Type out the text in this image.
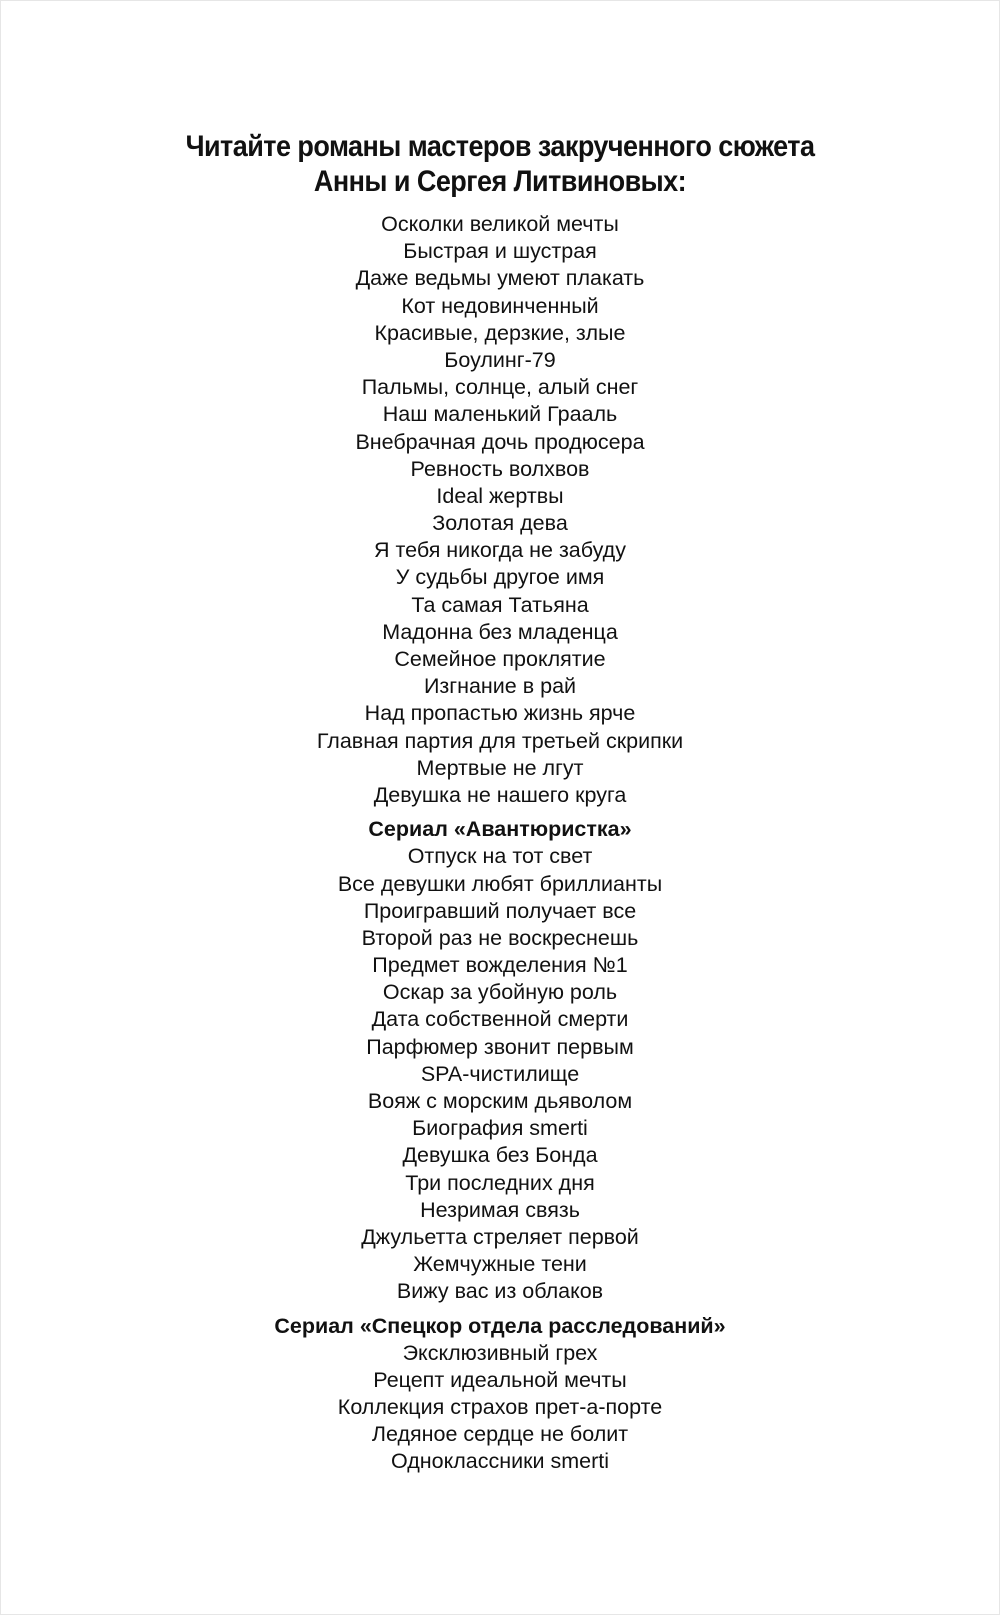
Читайте романы мастеров закрученного сюжета
Анны и Сергея Литвиновых:
Осколки великой мечты
Быстрая и шустрая
Даже ведьмы умеют плакать
Кот недовинченный
Красивые, дерзкие, злые
Боулинг-79
Пальмы, солнце, алый снег
Наш маленький Грааль
Внебрачная дочь продюсера
Ревность волхвов
Ideal жертвы
Золотая дева
Я тебя никогда не забуду
У судьбы другое имя
Та самая Татьяна
Мадонна без младенца
Семейное проклятие
Изгнание в рай
Над пропастью жизнь ярче
Главная партия для третьей скрипки
Мертвые не лгут
Девушка не нашего круга
Сериал «Авантюристка»
Отпуск на тот свет
Все девушки любят бриллианты
Проигравший получает все
Второй раз не воскреснешь
Предмет вожделения №1
Оскар за убойную роль
Дата собственной смерти
Парфюмер звонит первым
SPA-чистилище
Вояж с морским дьяволом
Биография smerti
Девушка без Бонда
Три последних дня
Незримая связь
Джульетта стреляет первой
Жемчужные тени
Вижу вас из облаков
Сериал «Спецкор отдела расследований»
Эксклюзивный грех
Рецепт идеальной мечты
Коллекция страхов прет-а-порте
Ледяное сердце не болит
Одноклассники smerti
